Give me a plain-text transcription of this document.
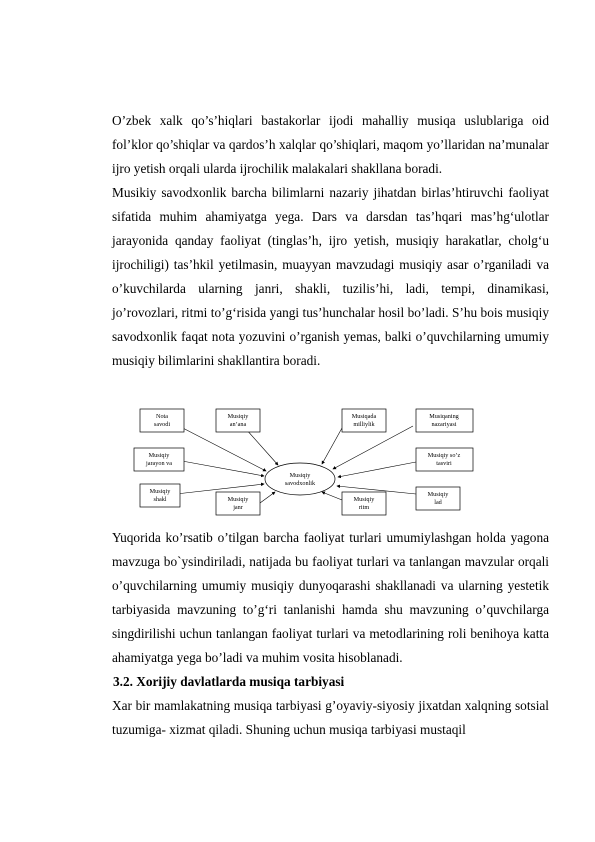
O’zbek xalk qo’s’hiqlari bastakorlar ijodi mahalliy musiqa uslublariga oid fol’klor qo’shiqlar va qardos’h xalqlar qo’shiqlari, maqom yo’llaridan na’munalar ijro yetish orqali ularda ijrochilik malakalari shakllana boradi.

Musikiy savodxonlik barcha bilimlarni nazariy jihatdan birlas’htiruvchi faoliyat sifatida muhim ahamiyatga yega. Dars va darsdan tas’hqari mas’hg‘ulotlar jarayonida qanday faoliyat (tinglas’h, ijro yetish, musiqiy harakatlar, cholg‘u ijrochiligi) tas’hkil yetilmasin, muayyan mavzudagi musiqiy asar o’rganiladi va o’kuvchilarda ularning janri, shakli, tuzilis’hi, ladi, tempi, dinamikasi, jo’rovozlari, ritmi to’g‘risida yangi tus’hunchalar hosil bo’ladi. S’hu bois musiqiy savodxonlik faqat nota yozuvini o’rganish yemas, balki o’quvchilarning umumiy musiqiy bilimlarini shakllantira boradi.

Musiqiy
savodxonlik
Nota
savodi
Musiqiy
an’ana
Musiqada
milliylik
Musiqaning
nazariyasi
Musiqiy
jarayon va
Musiqiy so’z
tasviri
Musiqiy
shakl	Musiqiy
janr
Musiqiy
ritm
Musiqiy
lad

Yuqorida ko’rsatib o’tilgan barcha faoliyat turlari umumiylashgan holda yagona mavzuga bo`ysindiriladi, natijada bu faoliyat turlari va tanlangan mavzular orqali o’quvchilarning umumiy musiqiy dunyoqarashi shakllanadi va ularning yestetik tarbiyasida mavzuning to’g‘ri tanlanishi hamda shu mavzuning o’quvchilarga singdirilishi uchun tanlangan faoliyat turlari va metodlarining roli benihoya katta ahamiyatga yega bo’ladi va muhim vosita hisoblanadi.

3.2. Xorijiy davlatlarda musiqa tarbiyasi

Xar bir mamlakatning musiqa tarbiyasi g’oyaviy-siyosiy jixatdan xalqning sotsial tuzumiga- xizmat qiladi. Shuning uchun musiqa tarbiyasi mustaqil
